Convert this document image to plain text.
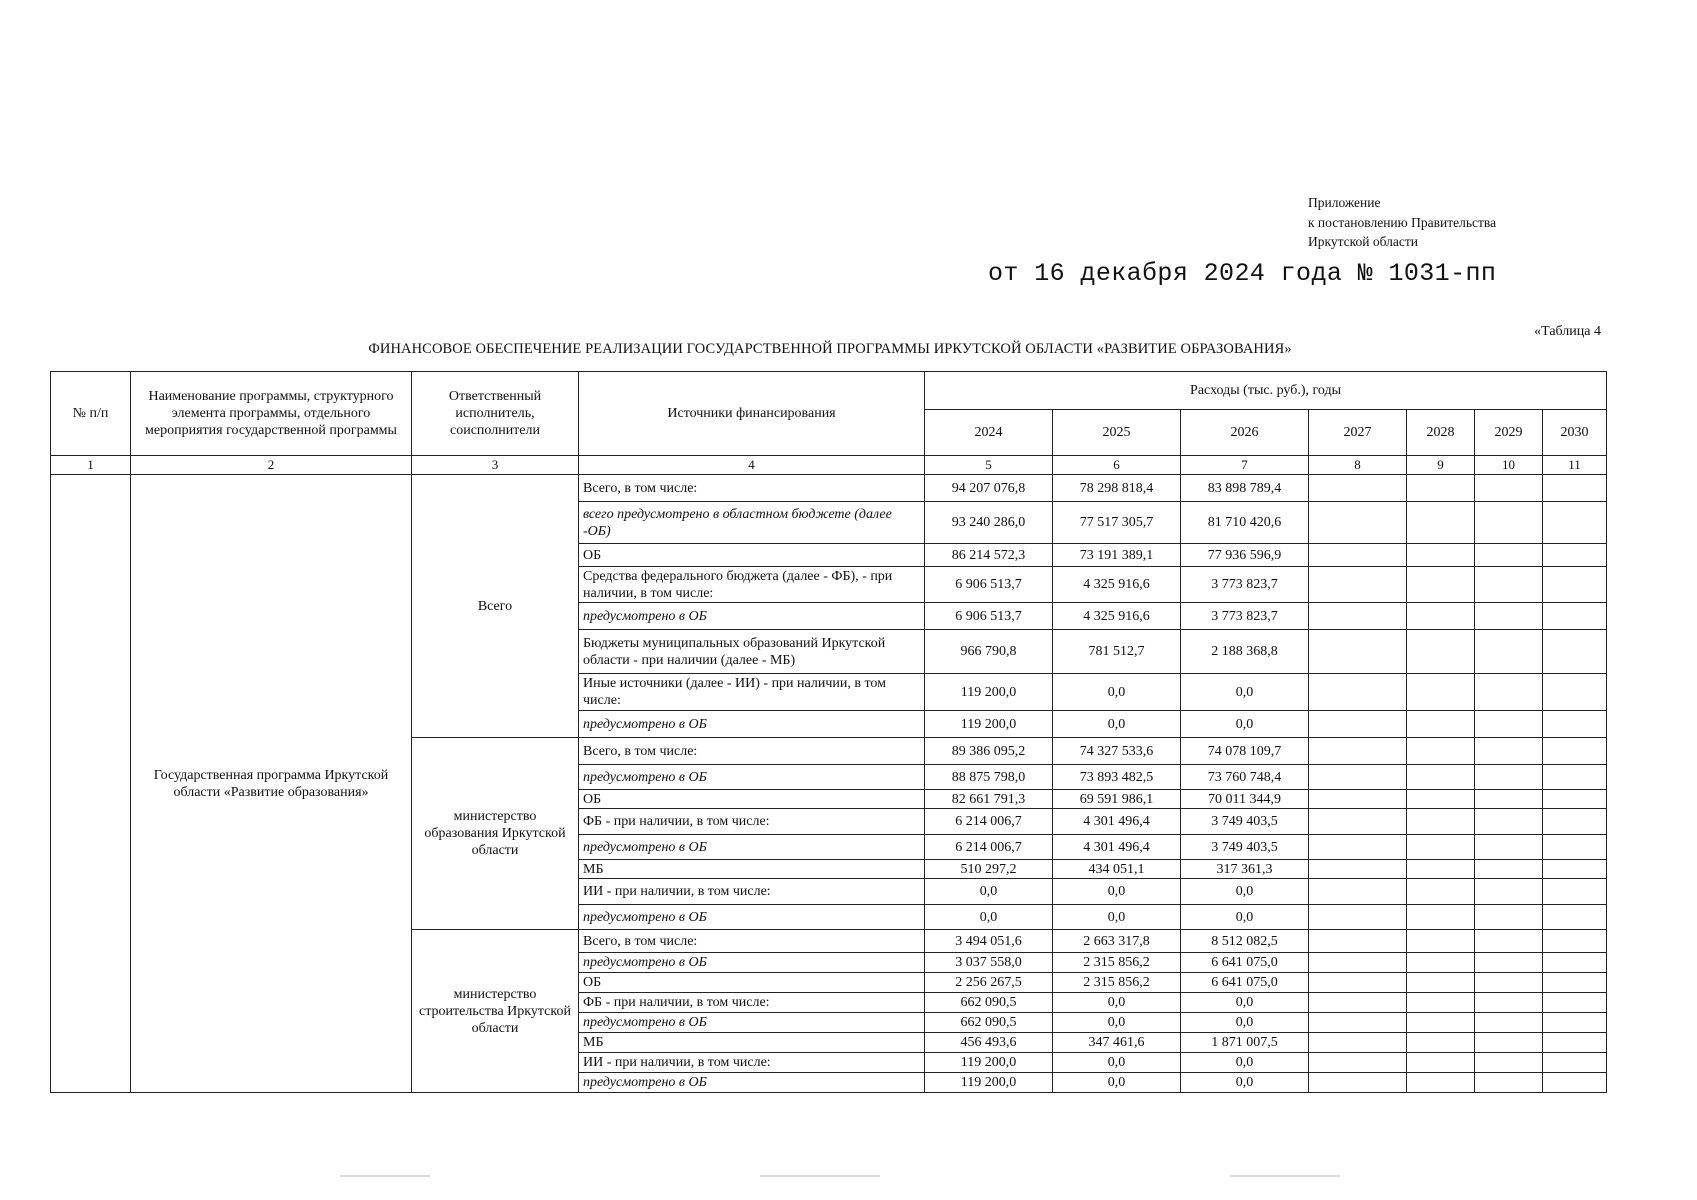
Приложение
к постановлению Правительства
Иркутской области
от 16 декабря 2024 года № 1031-пп
«Таблица 4
ФИНАНСОВОЕ ОБЕСПЕЧЕНИЕ РЕАЛИЗАЦИИ ГОСУДАРСТВЕННОЙ ПРОГРАММЫ ИРКУТСКОЙ ОБЛАСТИ «РАЗВИТИЕ ОБРАЗОВАНИЯ»
№ п/п	Наименование программы, структурного элемента программы, отдельного мероприятия государственной программы	Ответственный исполнитель, соисполнители	Источники финансирования	Расходы (тыс. руб.), годы						
				2024	2025	2026	2027	2028	2029	2030
1	2	3	4	5	6	7	8	9	10	11
	Государственная программа Иркутской области «Развитие образования»	Всего	Всего, в том числе:	94 207 076,8	78 298 818,4	83 898 789,4				
			всего предусмотрено в областном бюджете (далее -ОБ)	93 240 286,0	77 517 305,7	81 710 420,6				
			ОБ	86 214 572,3	73 191 389,1	77 936 596,9				
			Средства федерального бюджета (далее - ФБ), - при наличии, в том числе:	6 906 513,7	4 325 916,6	3 773 823,7				
			предусмотрено в ОБ	6 906 513,7	4 325 916,6	3 773 823,7				
			Бюджеты муниципальных образований Иркутской области - при наличии (далее - МБ)	966 790,8	781 512,7	2 188 368,8				
			Иные источники (далее - ИИ) - при наличии, в том числе:	119 200,0	0,0	0,0				
			предусмотрено в ОБ	119 200,0	0,0	0,0				
		министерство образования Иркутской области	Всего, в том числе:	89 386 095,2	74 327 533,6	74 078 109,7				
			предусмотрено в ОБ	88 875 798,0	73 893 482,5	73 760 748,4				
			ОБ	82 661 791,3	69 591 986,1	70 011 344,9				
			ФБ - при наличии, в том числе:	6 214 006,7	4 301 496,4	3 749 403,5				
			предусмотрено в ОБ	6 214 006,7	4 301 496,4	3 749 403,5				
			МБ	510 297,2	434 051,1	317 361,3				
			ИИ - при наличии, в том числе:	0,0	0,0	0,0				
			предусмотрено в ОБ	0,0	0,0	0,0				
		министерство строительства Иркутской области	Всего, в том числе:	3 494 051,6	2 663 317,8	8 512 082,5				
			предусмотрено в ОБ	3 037 558,0	2 315 856,2	6 641 075,0				
			ОБ	2 256 267,5	2 315 856,2	6 641 075,0				
			ФБ - при наличии, в том числе:	662 090,5	0,0	0,0				
			предусмотрено в ОБ	662 090,5	0,0	0,0				
			МБ	456 493,6	347 461,6	1 871 007,5				
			ИИ - при наличии, в том числе:	119 200,0	0,0	0,0				
			предусмотрено в ОБ	119 200,0	0,0	0,0				
